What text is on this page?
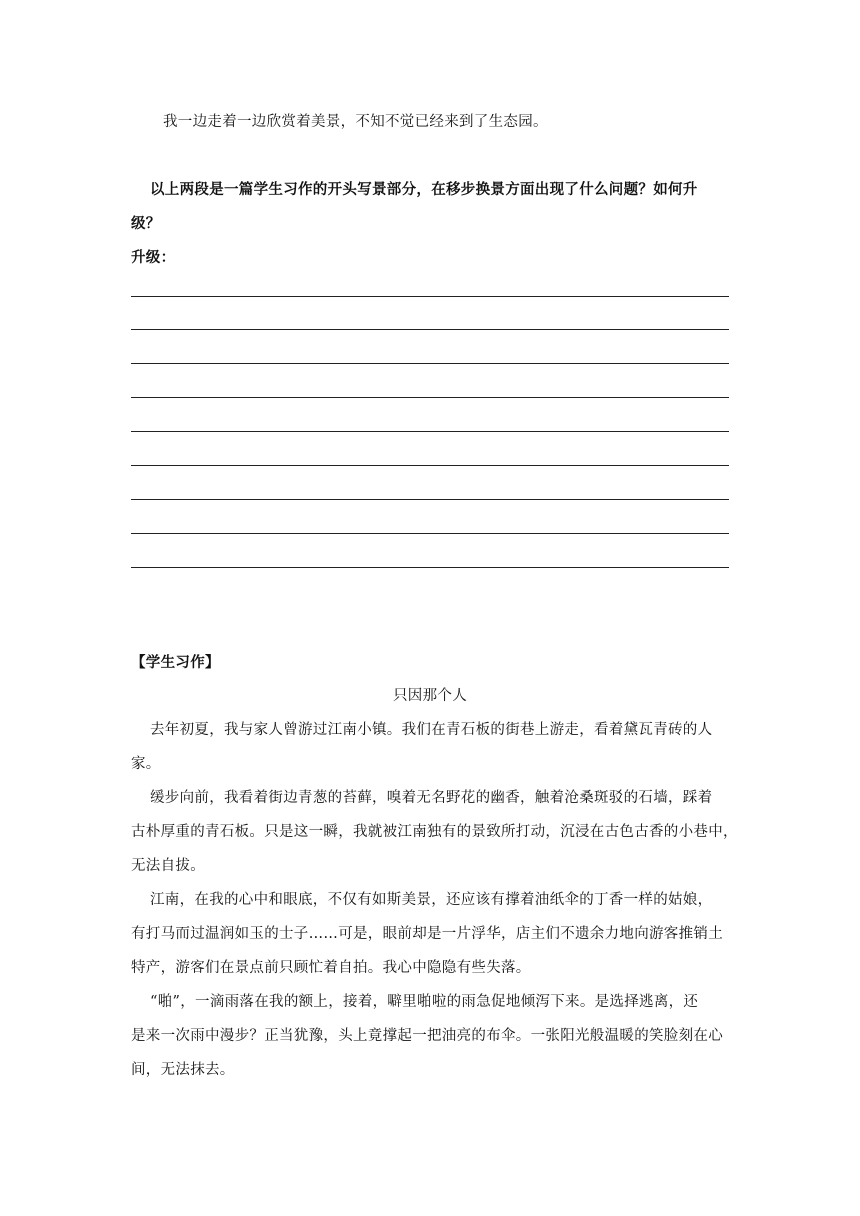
我一边走着一边欣赏着美景，不知不觉已经来到了生态园。
以上两段是一篇学生习作的开头写景部分，在移步换景方面出现了什么问题？如何升
级？
升级：
【学生习作】
只因那个人
去年初夏，我与家人曾游过江南小镇。我们在青石板的街巷上游走，看着黛瓦青砖的人
家。
缓步向前，我看着街边青葱的苔藓，嗅着无名野花的幽香，触着沧桑斑驳的石墙，踩着
古朴厚重的青石板。只是这一瞬，我就被江南独有的景致所打动，沉浸在古色古香的小巷中，
无法自拔。
江南，在我的心中和眼底，不仅有如斯美景，还应该有撑着油纸伞的丁香一样的姑娘，
有打马而过温润如玉的士子……可是，眼前却是一片浮华，店主们不遗余力地向游客推销土
特产，游客们在景点前只顾忙着自拍。我心中隐隐有些失落。
“啪”，一滴雨落在我的额上，接着，噼里啪啦的雨急促地倾泻下来。是选择逃离，还
是来一次雨中漫步？正当犹豫，头上竟撑起一把油亮的布伞。一张阳光般温暖的笑脸刻在心
间，无法抹去。
